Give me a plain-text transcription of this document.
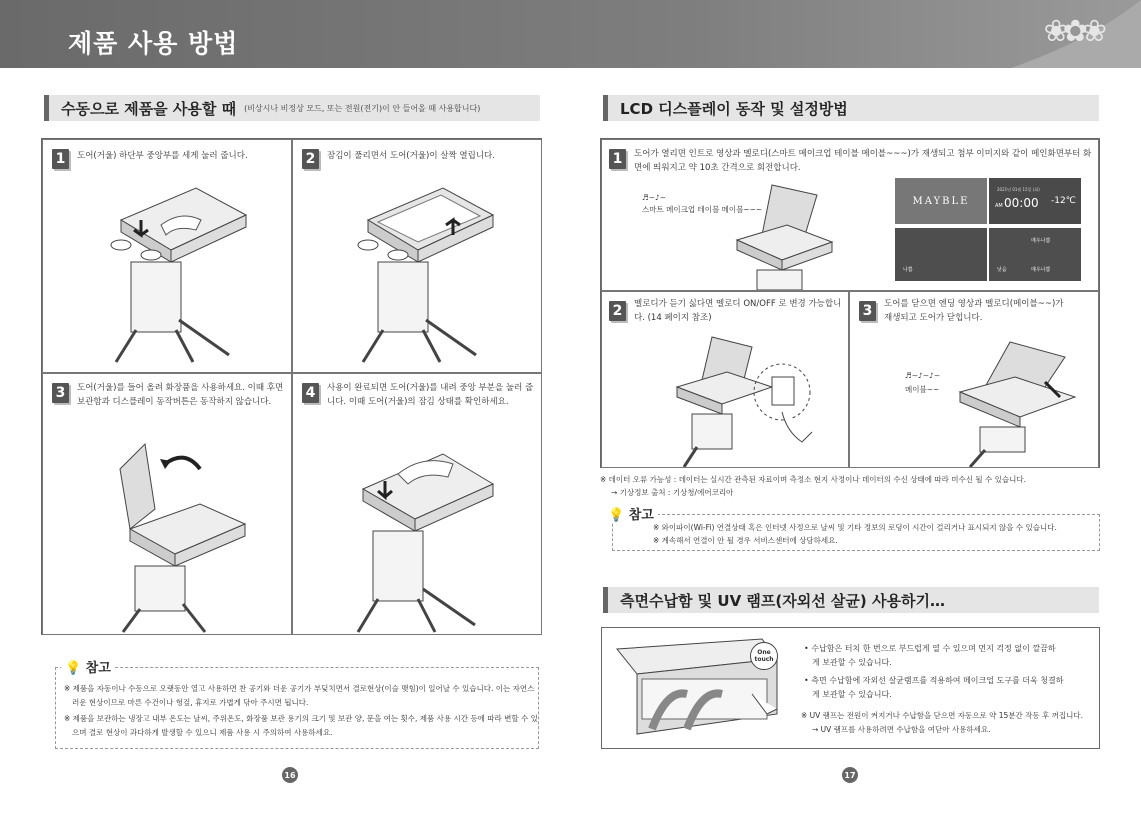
제품 사용 방법	❀✿❀
수동으로 제품을 사용할 때 (비상시나 비정상 모드, 또는 전원(전기)이 안 들어올 때 사용합니다)
1	도어(거울) 하단부 중앙부를 세게 눌러 줍니다.	2	잠김이 풀리면서 도어(거울)이 살짝 열립니다.
3	도어(거울)를 들어 올려 화장품을 사용하세요. 이때 후면 보관함과 디스플레이 동작버튼은 동작하지 않습니다.
4	사용이 완료되면 도어(거울)를 내려 중앙 부분을 눌러 줍니다. 이때 도어(거울)의 잠김 상태를 확인하세요.
💡 참고
※ 제품을 자동이나 수동으로 오랫동안 열고 사용하면 찬 공기와 더운 공기가 부딪치면서 결로현상(이슬 맺힘)이 일어날 수 있습니다. 이는 자연스
러운 현상이므로 마른 수건이나 헝겊, 휴지로 가볍게 닦아 주시면 됩니다.
※ 제품을 보관하는 냉장고 내부 온도는 날씨, 주위온도, 화장품 보관 용기의 크기 및 보관 양, 문을 여는 횟수, 제품 사용 시간 등에 따라 변할 수 있
으며 결로 현상이 과다하게 발생할 수 있으니 제품 사용 시 주의하여 사용하세요.
16
LCD 디스플레이 동작 및 설정방법
1	도어가 열리면 인트로 영상과 멜로디(스마트 메이크업 테이블 메이블~~~)가 재생되고 첨부 이미지와 같이 메인화면부터 화면에 띄워지고 약 10초 간격으로 회전합니다.
♬∼♪∼
스마트 메이크업 테이블 메이블~~~
MAYBLE
2021년 01월 15일 (화)
AM 00:00 -12℃
나쁨
매우나쁨
낮음	매우나쁨
2	멜로디가 듣기 싫다면 멜로디 ON/OFF 로 변경 가능합니다. (14 페이지 참조)	3	도어를 닫으면 엔딩 영상과 멜로디(메이블~~)가 재생되고 도어가 닫힙니다.
♬∼♪∼♪∼
메이블~~
※ 데이터 오류 가능성 : 데이터는 실시간 관측된 자료이며 측정소 현지 사정이나 데이터의 수신 상태에 따라 미수신 될 수 있습니다.
→ 기상정보 출처 : 기상청/에어코리아
💡 참고
※ 와이파이(Wi-Fi) 연결상태 혹은 인터넷 사정으로 날씨 및 기타 정보의 로딩이 시간이 걸리거나 표시되지 않을 수 있습니다.
※ 계속해서 연결이 안 될 경우 서비스센터에 상담하세요.
측면수납함 및 UV 램프(자외선 살균) 사용하기…
One touch
• 수납함은 터치 한 번으로 부드럽게 열 수 있으며 먼지 걱정 없이 깔끔하
게 보관할 수 있습니다.
• 측면 수납함에 자외선 살균램프를 적용하여 메이크업 도구를 더욱 청결하
게 보관할 수 있습니다.
※ UV 램프는 전원이 켜지거나 수납함을 닫으면 자동으로 약 15분간 작동 후 꺼집니다.
→ UV 램프를 사용하려면 수납함을 여닫아 사용하세요.
17
